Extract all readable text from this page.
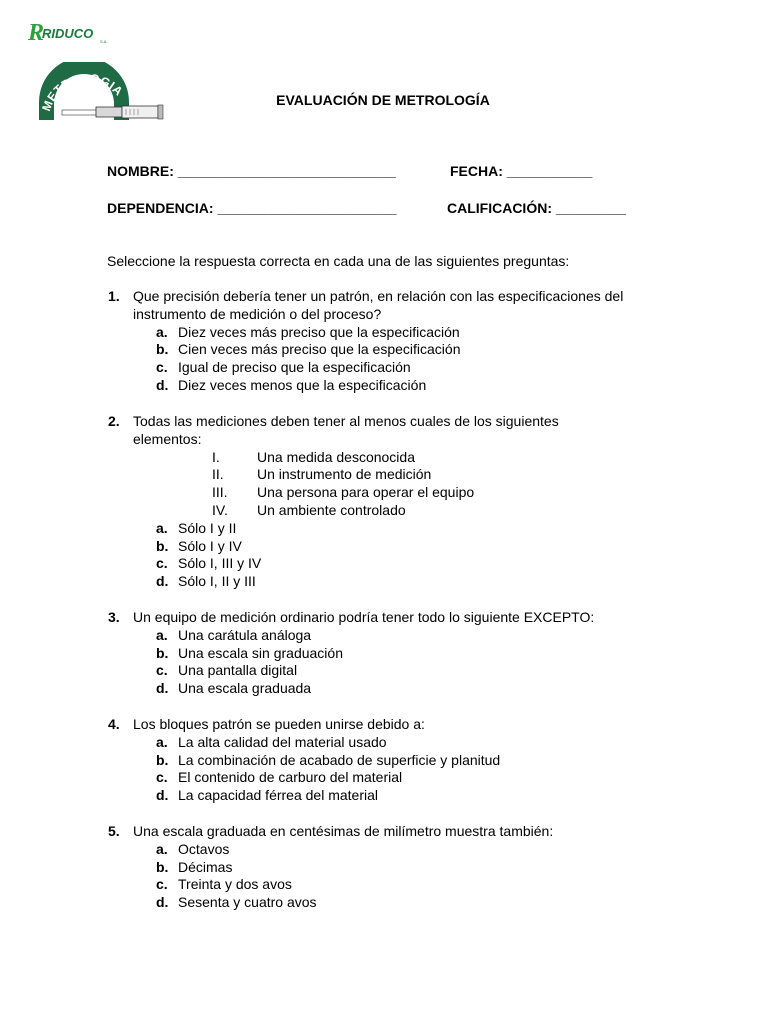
R
RIDUCO
S.A.
METROLOGIA
EVALUACIÓN DE METROLOGÍA
NOMBRE: ____________________________	FECHA: ___________
DEPENDENCIA: _______________________	CALIFICACIÓN: _________
Seleccione la respuesta correcta en cada una de las siguientes preguntas:
1. Que precisión debería tener un patrón, en relación con las especificaciones del instrumento de medición o del proceso?
a. Diez veces más preciso que la especificación
b. Cien veces más preciso que la especificación
c. Igual de preciso que la especificación
d. Diez veces menos que la especificación
2. Todas las mediciones deben tener al menos cuales de los siguientes elementos:
I.	Una medida desconocida
II.	Un instrumento de medición
III.	Una persona para operar el equipo
IV.	Un ambiente controlado
a. Sólo I y II
b. Sólo I y IV
c. Sólo I, III y IV
d. Sólo I, II y III
3. Un equipo de medición ordinario podría tener todo lo siguiente EXCEPTO:
a. Una carátula análoga
b. Una escala sin graduación
c. Una pantalla digital
d. Una escala graduada
4. Los bloques patrón se pueden unirse debido a:
a. La alta calidad del material usado
b. La combinación de acabado de superficie y planitud
c. El contenido de carburo del material
d. La capacidad férrea del material
5. Una escala graduada en centésimas de milímetro muestra también:
a. Octavos
b. Décimas
c. Treinta y dos avos
d. Sesenta y cuatro avos
